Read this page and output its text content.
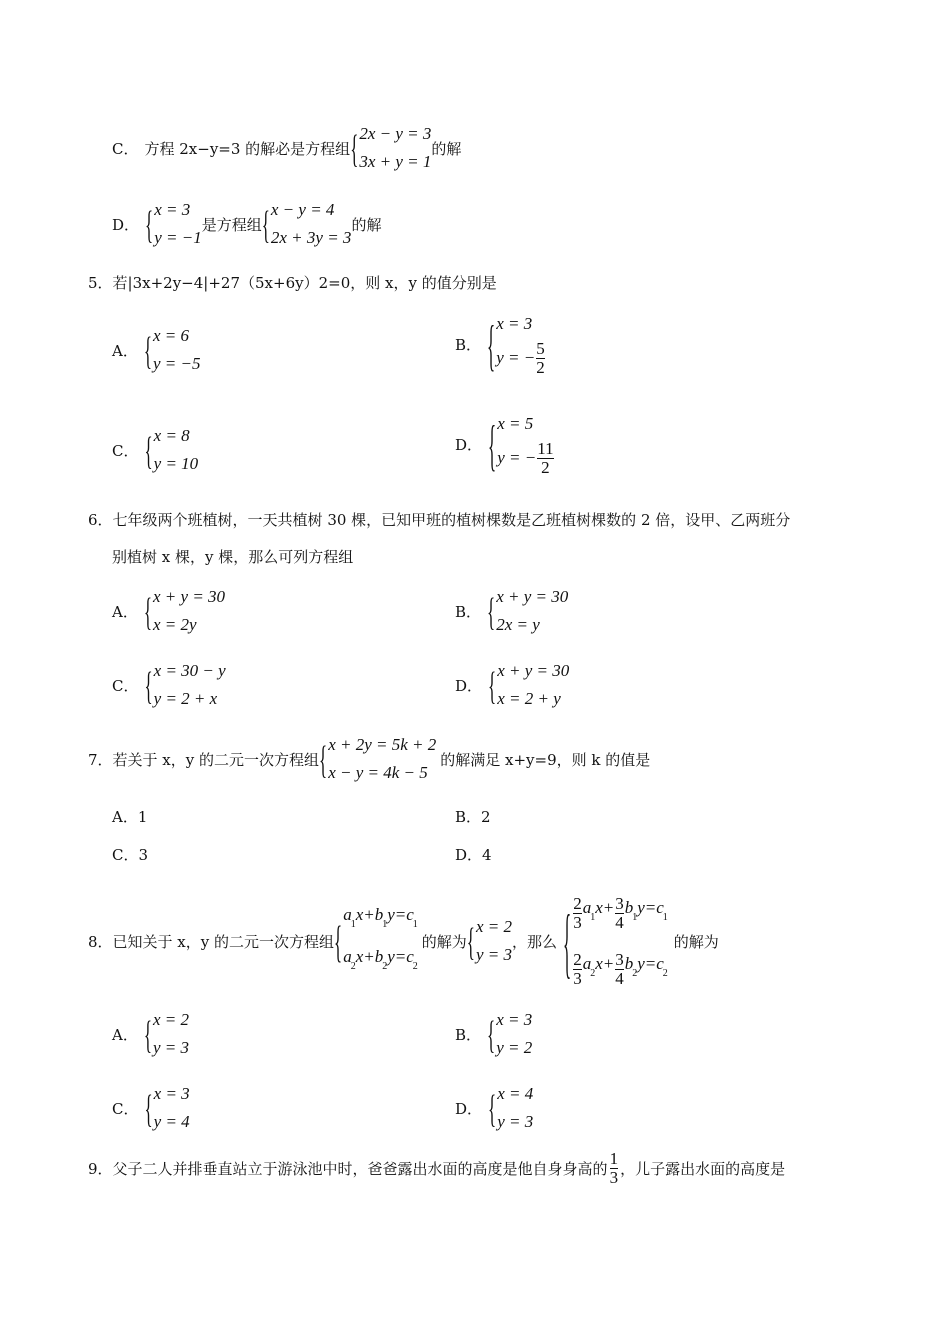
C． 方程 2x−y=3 的解必是方程组 { 2x − y = 3
3x + y = 1
的解
D． { x = 3
y = −1
是方程组 { x − y = 4
2x + 3y = 3
的解
5．若|3x+2y−4|+27（5x+6y）2=0，则 x，y 的值分别是
A． { x = 6
y = −5
B． { x = 3
y = − $\frac{5}{2}$
C． { x = 8
y = 10
D． { x = 5
y = − $\frac{11}{2}$
6．七年级两个班植树，一天共植树 30 棵，已知甲班的植树棵数是乙班植树棵数的 2 倍，设甲、乙两班分
别植树 x 棵，y 棵，那么可列方程组
A． { x + y = 30
x = 2y
B． { x + y = 30
2x = y
C． { x = 30 − y
y = 2 + x
D． { x + y = 30
x = 2 + y
7．若关于 x，y 的二元一次方程组 { x + 2y = 5k + 2
x − y = 4k − 5
的解满足 x+y=9，则 k 的值是
A．1	B．2
C．3	D．4
8．已知关于 x，y 的二元一次方程组 {
$a_1x+b_1y=c_1$
$a_2x+b_2y=c_2$
的解为 { x = 2
y = 3
，那么 { $\frac{2}{3} a_1x+ \frac{3}{4} b_1y=c_1$
$\frac{2}{3} a_2x+ \frac{3}{4} b_2y=c_2$
的解为
A． { x = 2
y = 3
B． { x = 3
y = 2
C． { x = 3
y = 4
D． { x = 4
y = 3
9．父子二人并排垂直站立于游泳池中时，爸爸露出水面的高度是他自身身高的 $\frac{1}{3}$ ，儿子露出水面的高度是
